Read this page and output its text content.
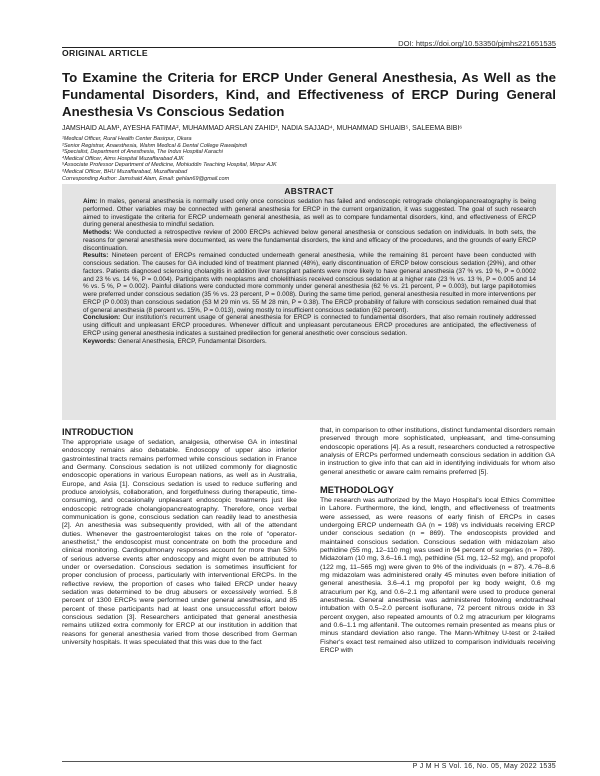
DOI: https://doi.org/10.53350/pjmhs221651535
ORIGINAL ARTICLE
To Examine the Criteria for ERCP Under General Anesthesia, As Well as the Fundamental Disorders, Kind, and Effectiveness of ERCP During General Anesthesia Vs Conscious Sedation
JAMSHAID ALAM¹, AYESHA FATIMA², MUHAMMAD ARSLAN ZAHID³, NADIA SAJJAD⁴, MUHAMMAD SHUAIB⁵, SALEEMA BIBI⁶
¹Medical Officer, Rural Health Center Basirpur, Okara
²Senior Registrar, Anaesthesia, Wahm Medical & Dental College Rawalpindi
³Specialist, Department of Anesthesia, The Indus Hospital Karachi
⁴Medical Officer, Aims Hospital Muzaffarabad AJK
⁵Associate Professor Department of Medicine, Mohiuddin Teaching Hospital, Mirpur AJK
⁶Medical Officer, BHU Muzaffarabad, Muzaffarabad
Corresponding Author: Jamshaid Alam, Email: gehlan69@gmail.com
ABSTRACT

Aim: In males, general anesthesia is normally used only once conscious sedation has failed and endoscopic retrograde cholangiopancreatography is being performed. Other variables may be connected with general anesthesia for ERCP in the current organization, it was suggested. The goal of such research aimed to investigate the criteria for ERCP underneath general anesthesia, as well as to compare fundamental disorders, kind, and effectiveness of ERCP during general anesthesia to mindful sedation.

Methods: We conducted a retrospective review of 2000 ERCPs achieved below general anesthesia or conscious sedation on individuals. In both sets, the reasons for general anesthesia were documented, as were the fundamental disorders, the kind and efficacy of the procedures, and the grounds of early ERCP discontinuation.

Results: Nineteen percent of ERCPs remained conducted underneath general anesthesia, while the remaining 81 percent have been conducted with conscious sedation. The causes for GA included kind of treatment planned (48%), early discontinuation of ERCP below conscious sedation (29%), and other factors. Patients diagnosed sclerosing cholangitis in addition liver transplant patients were more likely to have general anesthesia (37 % vs. 19 %, P = 0.0002 and 23 % vs. 14 %, P = 0.004). Participants with neoplasms and cholelithiasis received conscious sedation at a higher rate (23 % vs. 13 %, P = 0.005 and 14 % vs. 5 %, P = 0.002). Painful dilations were conducted more commonly under general anesthesia (62 % vs. 21 percent, P = 0.003), but large papillotomies were preferred under conscious sedation (35 % vs. 23 percent, P = 0.008). During the same time period, general anesthesia resulted in more interventions per ERCP (P 0.003) than conscious sedation (53 M 29 min vs. 55 M 28 min, P = 0.38). The ERCP probability of failure with conscious sedation remained dual that of general anesthesia (8 percent vs. 15%, P = 0.013), owing mostly to insufficient conscious sedation (62 percent).

Conclusion: Our institution's recurrent usage of general anesthesia for ERCP is connected to fundamental disorders, that also remain routinely addressed using difficult and unpleasant ERCP procedures. Whenever difficult and unpleasant percutaneous ERCP procedures are anticipated, the effectiveness of ERCP using general anesthesia indicates a sustained predilection for general anesthetic over conscious sedation.

Keywords: General Anesthesia, ERCP, Fundamental Disorders.

INTRODUCTION

The appropriate usage of sedation, analgesia, otherwise GA in intestinal endoscopy remains also debatable. Endoscopy of upper also inferior gastrointestinal tracts remains performed while conscious sedation in France and Germany. Conscious sedation is not utilized commonly for diagnostic endoscopic operations in various European nations, as well as in Australia, Europe, and Asia [1]. Conscious sedation is used to reduce suffering and produce anxiolysis, collaboration, and forgetfulness during therapeutic, time-consuming, and occasionally unpleasant endoscopic treatments just like endoscopic retrograde cholangiopancreatography. Therefore, once verbal communication is gone, conscious sedation can readily lead to anesthesia [2]. An anesthesia was subsequently provided, with all of the attendant duties. Whenever the gastroenterologist takes on the role of "operator-anesthetist," the endoscopist must concentrate on both the procedure and clinical monitoring. Cardiopulmonary responses account for more than 53% of serious adverse events after endoscopy and might even be attributed to under or oversedation. Conscious sedation is sometimes insufficient for proper conclusion of process, particularly with interventional ERCPs. In the reflective review, the proportion of cases who failed ERCP under heavy sedation was determined to be drug abusers or excessively worried. 5.8 percent of 1300 ERCPs were performed under general anesthesia, and 85 percent of these participants had at least one unsuccessful effort below conscious sedation [3]. Researchers anticipated that general anesthesia remains utilized extra commonly for ERCP at our institution in addition that reasons for general anesthesia varied from those described from German university hospitals. It was speculated that this was due to the fact

that, in comparison to other institutions, distinct fundamental disorders remain preserved through more sophisticated, unpleasant, and time-consuming endoscopic operations [4]. As a result, researchers conducted a retrospective analysis of ERCPs performed underneath conscious sedation in addition GA in instruction to give info that can aid in identifying individuals for whom also general anesthetic or aware calm remains preferred [5].

METHODOLOGY

The research was authorized by the Mayo Hospital's local Ethics Committee in Lahore. Furthermore, the kind, length, and effectiveness of treatments were assessed, as were reasons of early finish of ERCPs in cases undergoing ERCP underneath GA (n = 198) vs individuals receiving ERCP under conscious sedation (n = 869). The endoscopists provided and maintained conscious sedation. Conscious sedation with midazolam also pethidine (55 mg, 12–110 mg) was used in 94 percent of surgeries (n = 789). Midazolam (10 mg, 3.6–16.1 mg), pethidine (51 mg, 12–52 mg), and propofol (122 mg, 11–565 mg) were given to 9% of the individuals (n = 87). 4.76–8.6 mg midazolam was administered orally 45 minutes even before initiation of general anesthesia. 3.6–4.1 mg propofol per kg body weight, 0.6 mg atracurium per Kg, and 0.6–2.1 mg alfentanil were used to produce general anesthesia. General anesthesia was administered following endotracheal intubation with 0.5–2.0 percent isoflurane, 72 percent nitrous oxide in 33 percent oxygen, also repeated amounts of 0.2 mg atracurium per kilograms and 0.6–1.1 mg alfentanil. The outcomes remain presented as means plus or minus standard deviation also range. The Mann-Whitney U-test or 2-tailed Fisher's exact test remained also utilized to comparison individuals receiving ERCP with

P J M H S Vol. 16, No. 05, May 2022 1535
